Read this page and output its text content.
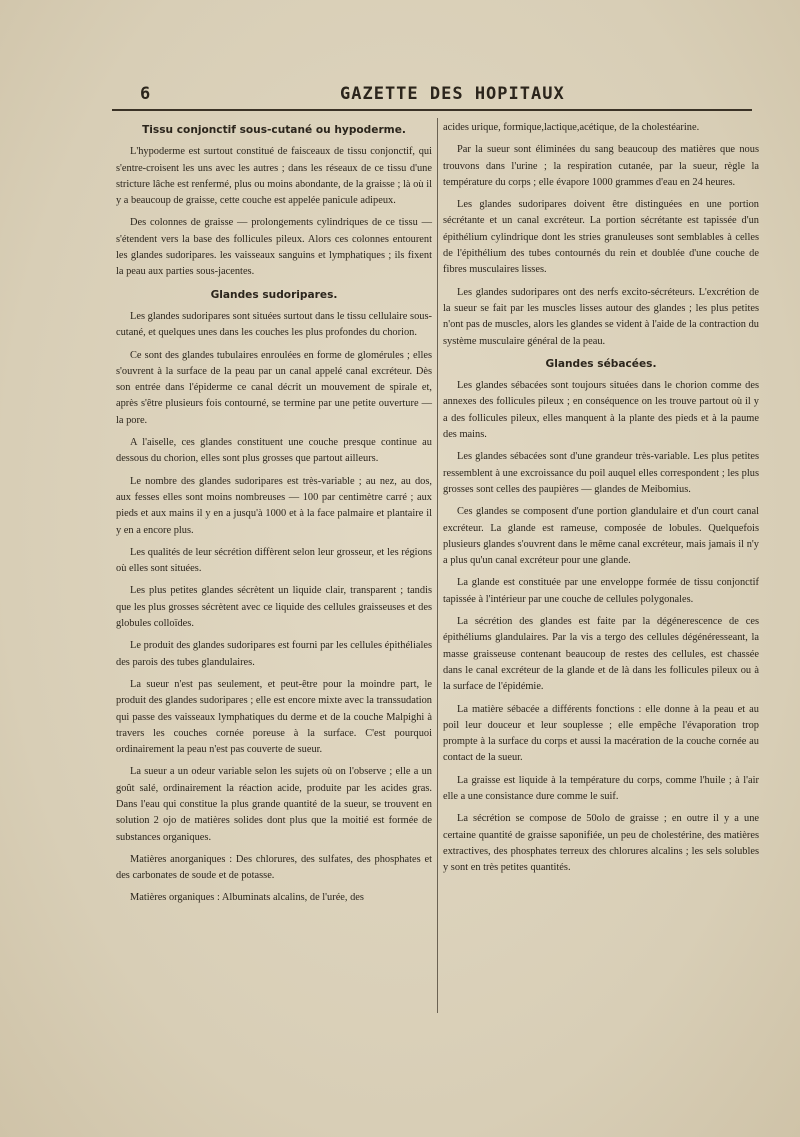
6	GAZETTE DES HOPITAUX
Tissu conjonctif sous-cutané ou hypoderme.

L'hypoderme est surtout constitué de faisceaux de tissu conjonctif, qui s'entre-croisent les uns avec les autres ; dans les réseaux de ce tissu d'une stricture lâche est renfermé, plus ou moins abondante, de la graisse ; là où il y a beaucoup de graisse, cette couche est appelée panicule adipeux.

Des colonnes de graisse — prolongements cylindriques de ce tissu — s'étendent vers la base des follicules pileux. Alors ces colonnes entourent les glandes sudoripares. les vaisseaux sanguins et lymphatiques ; ils fixent la peau aux parties sous-jacentes.

Glandes sudoripares.

Les glandes sudoripares sont situées surtout dans le tissu cellulaire sous-cutané, et quelques unes dans les couches les plus profondes du chorion.

Ce sont des glandes tubulaires enroulées en forme de glomérules ; elles s'ouvrent à la surface de la peau par un canal appelé canal excréteur. Dès son entrée dans l'épiderme ce canal décrit un mouvement de spirale et, après s'être plusieurs fois contourné, se termine par une petite ouverture — la pore.

A l'aiselle, ces glandes constituent une couche presque continue au dessous du chorion, elles sont plus grosses que partout ailleurs.

Le nombre des glandes sudoripares est très-variable ; au nez, au dos, aux fesses elles sont moins nombreuses — 100 par centimètre carré ; aux pieds et aux mains il y en a jusqu'à 1000 et à la face palmaire et plantaire il y en a encore plus.

Les qualités de leur sécrétion diffèrent selon leur grosseur, et les régions où elles sont situées.

Les plus petites glandes sécrètent un liquide clair, transparent ; tandis que les plus grosses sécrètent avec ce liquide des cellules graisseuses et des globules colloïdes.

Le produit des glandes sudoripares est fourni par les cellules épithéliales des parois des tubes glandulaires.

La sueur n'est pas seulement, et peut-être pour la moindre part, le produit des glandes sudoripares ; elle est encore mixte avec la transsudation qui passe des vaisseaux lymphatiques du derme et de la couche Malpighi à travers les couches cornée poreuse à la surface. C'est pourquoi ordinairement la peau n'est pas couverte de sueur.

La sueur a un odeur variable selon les sujets où on l'observe ; elle a un goût salé, ordinairement la réaction acide, produite par les acides gras. Dans l'eau qui constitue la plus grande quantité de la sueur, se trouvent en solution 2 ojo de matières solides dont plus que la moitié est formée de substances organiques.

Matières anorganiques : Des chlorures, des sulfates, des phosphates et des carbonates de soude et de potasse.

Matières organiques : Albuminats alcalins, de l'urée, des

acides urique, formique,lactique,acétique, de la cholestéarine.

Par la sueur sont éliminées du sang beaucoup des matières que nous trouvons dans l'urine ; la respiration cutanée, par la sueur, règle la température du corps ; elle évapore 1000 grammes d'eau en 24 heures.

Les glandes sudoripares doivent être distinguées en une portion sécrétante et un canal excréteur. La portion sécrétante est tapissée d'un épithélium cylindrique dont les stries granuleuses sont semblables à celles de l'épithélium des tubes contournés du rein et doublée d'une couche de fibres musculaires lisses.

Les glandes sudoripares ont des nerfs excito-sécréteurs. L'excrétion de la sueur se fait par les muscles lisses autour des glandes ; les plus petites n'ont pas de muscles, alors les glandes se vident à l'aide de la contraction du système musculaire général de la peau.

Glandes sébacées.

Les glandes sébacées sont toujours situées dans le chorion comme des annexes des follicules pileux ; en conséquence on les trouve partout où il y a des follicules pileux, elles manquent à la plante des pieds et à la paume des mains.

Les glandes sébacées sont d'une grandeur très-variable. Les plus petites ressemblent à une excroissance du poil auquel elles correspondent ; les plus grosses sont celles des paupières — glandes de Meibomius.

Ces glandes se composent d'une portion glandulaire et d'un court canal excréteur. La glande est rameuse, composée de lobules. Quelquefois plusieurs glandes s'ouvrent dans le même canal excréteur, mais jamais il n'y a plus qu'un canal excréteur pour une glande.

La glande est constituée par une enveloppe formée de tissu conjonctif tapissée à l'intérieur par une couche de cellules polygonales.

La sécrétion des glandes est faite par la dégénerescence de ces épithéliums glandulaires. Par la vis a tergo des cellules dégénéresseant, la masse graisseuse contenant beaucoup de restes des cellules, est chassée dans le canal excréteur de la glande et de là dans les follicules pileux ou à la surface de l'épidémie.

La matière sébacée a différents fonctions : elle donne à la peau et au poil leur douceur et leur souplesse ; elle empêche l'évaporation trop prompte à la surface du corps et aussi la macération de la couche cornée au contact de la sueur.

La graisse est liquide à la température du corps, comme l'huile ; à l'air elle a une consistance dure comme le suif.

La sécrétion se compose de 50olo de graisse ; en outre il y a une certaine quantité de graisse saponifiée, un peu de cholestérine, des matières extractives, des phosphates terreux des chlorures alcalins ; les sels solubles y sont en très petites quantités.
